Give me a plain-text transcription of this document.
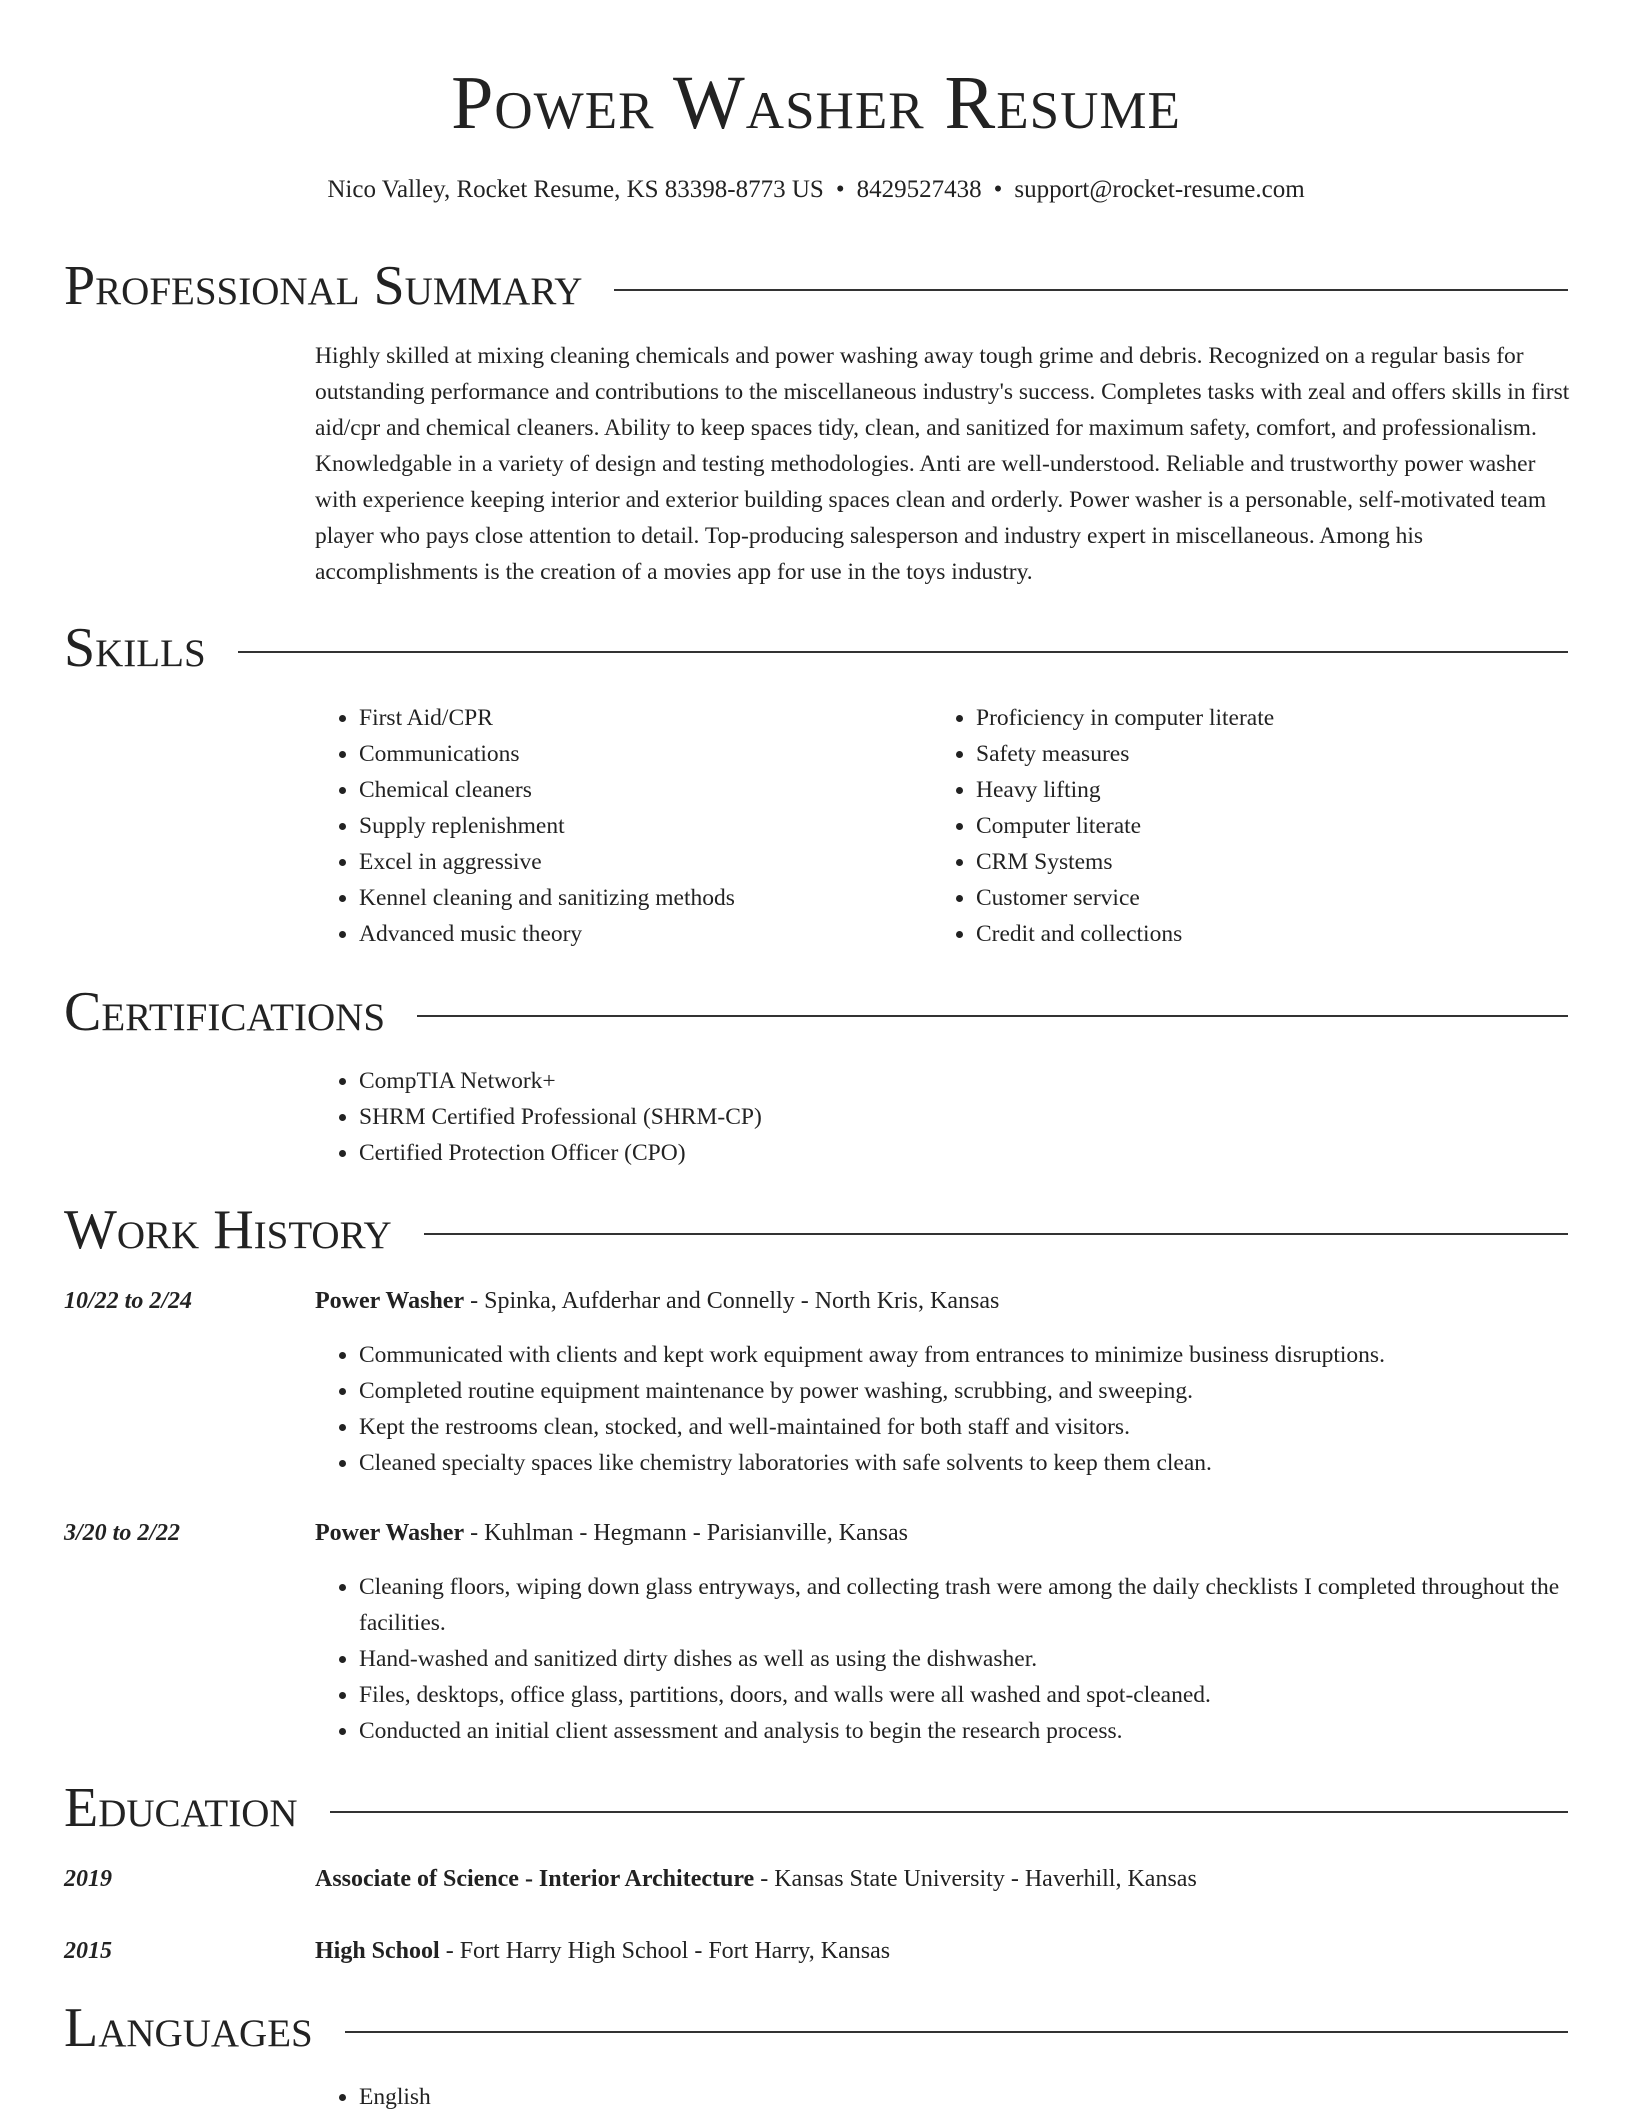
Power Washer Resume
Nico Valley, Rocket Resume, KS 83398-8773 US • 8429527438 • support@rocket-resume.com
Professional Summary
Highly skilled at mixing cleaning chemicals and power washing away tough grime and debris. Recognized on a regular basis for outstanding performance and contributions to the miscellaneous industry's success. Completes tasks with zeal and offers skills in first aid/cpr and chemical cleaners. Ability to keep spaces tidy, clean, and sanitized for maximum safety, comfort, and professionalism. Knowledgable in a variety of design and testing methodologies. Anti are well-understood. Reliable and trustworthy power washer with experience keeping interior and exterior building spaces clean and orderly. Power washer is a personable, self-motivated team player who pays close attention to detail. Top-producing salesperson and industry expert in miscellaneous. Among his accomplishments is the creation of a movies app for use in the toys industry.
Skills
• First Aid/CPR
• Communications
• Chemical cleaners
• Supply replenishment
• Excel in aggressive
• Kennel cleaning and sanitizing methods
• Advanced music theory
• Proficiency in computer literate
• Safety measures
• Heavy lifting
• Computer literate
• CRM Systems
• Customer service
• Credit and collections
Certifications
• CompTIA Network+
• SHRM Certified Professional (SHRM-CP)
• Certified Protection Officer (CPO)
Work History
10/22 to 2/24	Power Washer - Spinka, Aufderhar and Connelly - North Kris, Kansas
• Communicated with clients and kept work equipment away from entrances to minimize business disruptions.
• Completed routine equipment maintenance by power washing, scrubbing, and sweeping.
• Kept the restrooms clean, stocked, and well-maintained for both staff and visitors.
• Cleaned specialty spaces like chemistry laboratories with safe solvents to keep them clean.
3/20 to 2/22	Power Washer - Kuhlman - Hegmann - Parisianville, Kansas
• Cleaning floors, wiping down glass entryways, and collecting trash were among the daily checklists I completed throughout the facilities.
• Hand-washed and sanitized dirty dishes as well as using the dishwasher.
• Files, desktops, office glass, partitions, doors, and walls were all washed and spot-cleaned.
• Conducted an initial client assessment and analysis to begin the research process.
Education
2019	Associate of Science - Interior Architecture - Kansas State University - Haverhill, Kansas
2015	High School - Fort Harry High School - Fort Harry, Kansas
Languages
• English
